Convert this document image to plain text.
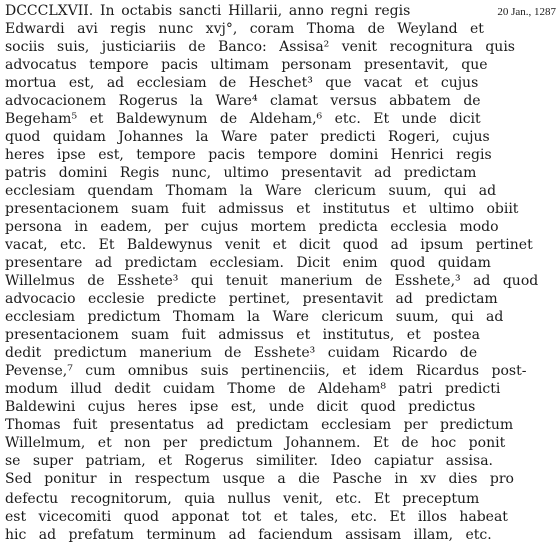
20 Jan., 1287
DCCCLXVII. In octabis sancti Hillarii, anno regni regis
Edwardi avi regis nunc xvj°, coram Thoma de Weyland et
sociis suis, justiciariis de Banco: Assisa² venit recognitura quis
advocatus tempore pacis ultimam personam presentavit, que
mortua est, ad ecclesiam de Heschet³ que vacat et cujus
advocacionem Rogerus la Ware⁴ clamat versus abbatem de
Begeham⁵ et Baldewynum de Aldeham,⁶ etc. Et unde dicit
quod quidam Johannes la Ware pater predicti Rogeri, cujus
heres ipse est, tempore pacis tempore domini Henrici regis
patris domini Regis nunc, ultimo presentavit ad predictam
ecclesiam quendam Thomam la Ware clericum suum, qui ad
presentacionem suam fuit admissus et institutus et ultimo obiit
persona in eadem, per cujus mortem predicta ecclesia modo
vacat, etc. Et Baldewynus venit et dicit quod ad ipsum pertinet
presentare ad predictam ecclesiam. Dicit enim quod quidam
Willelmus de Esshete³ qui tenuit manerium de Esshete,³ ad quod
advocacio ecclesie predicte pertinet, presentavit ad predictam
ecclesiam predictum Thomam la Ware clericum suum, qui ad
presentacionem suam fuit admissus et institutus, et postea
dedit predictum manerium de Esshete³ cuidam Ricardo de
Pevense,⁷ cum omnibus suis pertinenciis, et idem Ricardus post-
modum illud dedit cuidam Thome de Aldeham⁸ patri predicti
Baldewini cujus heres ipse est, unde dicit quod predictus
Thomas fuit presentatus ad predictam ecclesiam per predictum
Willelmum, et non per predictum Johannem. Et de hoc ponit
se super patriam, et Rogerus similiter. Ideo capiatur assisa.
Sed ponitur in respectum usque a die Pasche in xv dies pro
defectu recognitorum, quia nullus venit, etc. Et preceptum
est vicecomiti quod apponat tot et tales, etc. Et illos habeat
hic ad prefatum terminum ad faciendum assisam illam, etc.
